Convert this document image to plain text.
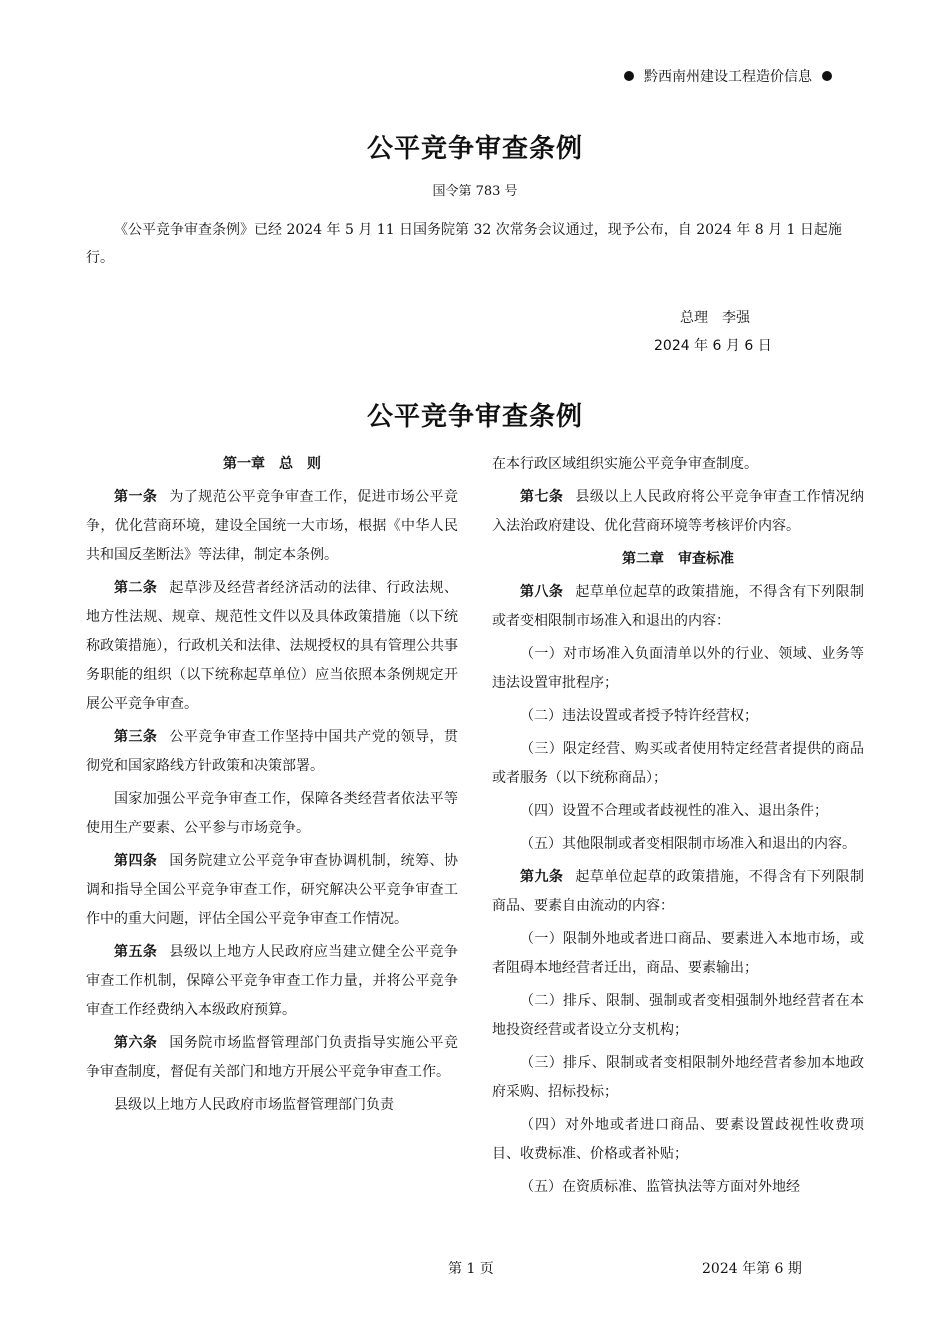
黔西南州建设工程造价信息
公平竞争审查条例
国令第 783 号
《公平竞争审查条例》已经 2024 年 5 月 11 日国务院第 32 次常务会议通过，现予公布，自 2024 年 8 月 1 日起施行。
总理　李强
2024 年 6 月 6 日
公平竞争审查条例
第一章　总　则

第一条 为了规范公平竞争审查工作，促进市场公平竞争，优化营商环境，建设全国统一大市场，根据《中华人民共和国反垄断法》等法律，制定本条例。

第二条 起草涉及经营者经济活动的法律、行政法规、地方性法规、规章、规范性文件以及具体政策措施（以下统称政策措施），行政机关和法律、法规授权的具有管理公共事务职能的组织（以下统称起草单位）应当依照本条例规定开展公平竞争审查。

第三条 公平竞争审查工作坚持中国共产党的领导，贯彻党和国家路线方针政策和决策部署。

国家加强公平竞争审查工作，保障各类经营者依法平等使用生产要素、公平参与市场竞争。

第四条 国务院建立公平竞争审查协调机制，统筹、协调和指导全国公平竞争审查工作，研究解决公平竞争审查工作中的重大问题，评估全国公平竞争审查工作情况。

第五条 县级以上地方人民政府应当建立健全公平竞争审查工作机制，保障公平竞争审查工作力量，并将公平竞争审查工作经费纳入本级政府预算。

第六条 国务院市场监督管理部门负责指导实施公平竞争审查制度，督促有关部门和地方开展公平竞争审查工作。

县级以上地方人民政府市场监督管理部门负责

在本行政区域组织实施公平竞争审查制度。

第七条 县级以上人民政府将公平竞争审查工作情况纳入法治政府建设、优化营商环境等考核评价内容。

第二章　审查标准

第八条 起草单位起草的政策措施，不得含有下列限制或者变相限制市场准入和退出的内容：

（一）对市场准入负面清单以外的行业、领域、业务等违法设置审批程序；

（二）违法设置或者授予特许经营权；

（三）限定经营、购买或者使用特定经营者提供的商品或者服务（以下统称商品）；

（四）设置不合理或者歧视性的准入、退出条件；

（五）其他限制或者变相限制市场准入和退出的内容。

第九条 起草单位起草的政策措施，不得含有下列限制商品、要素自由流动的内容：

（一）限制外地或者进口商品、要素进入本地市场，或者阻碍本地经营者迁出，商品、要素输出；

（二）排斥、限制、强制或者变相强制外地经营者在本地投资经营或者设立分支机构；

（三）排斥、限制或者变相限制外地经营者参加本地政府采购、招标投标；

（四）对外地或者进口商品、要素设置歧视性收费项目、收费标准、价格或者补贴；

（五）在资质标准、监管执法等方面对外地经

第 1 页	2024 年第 6 期
